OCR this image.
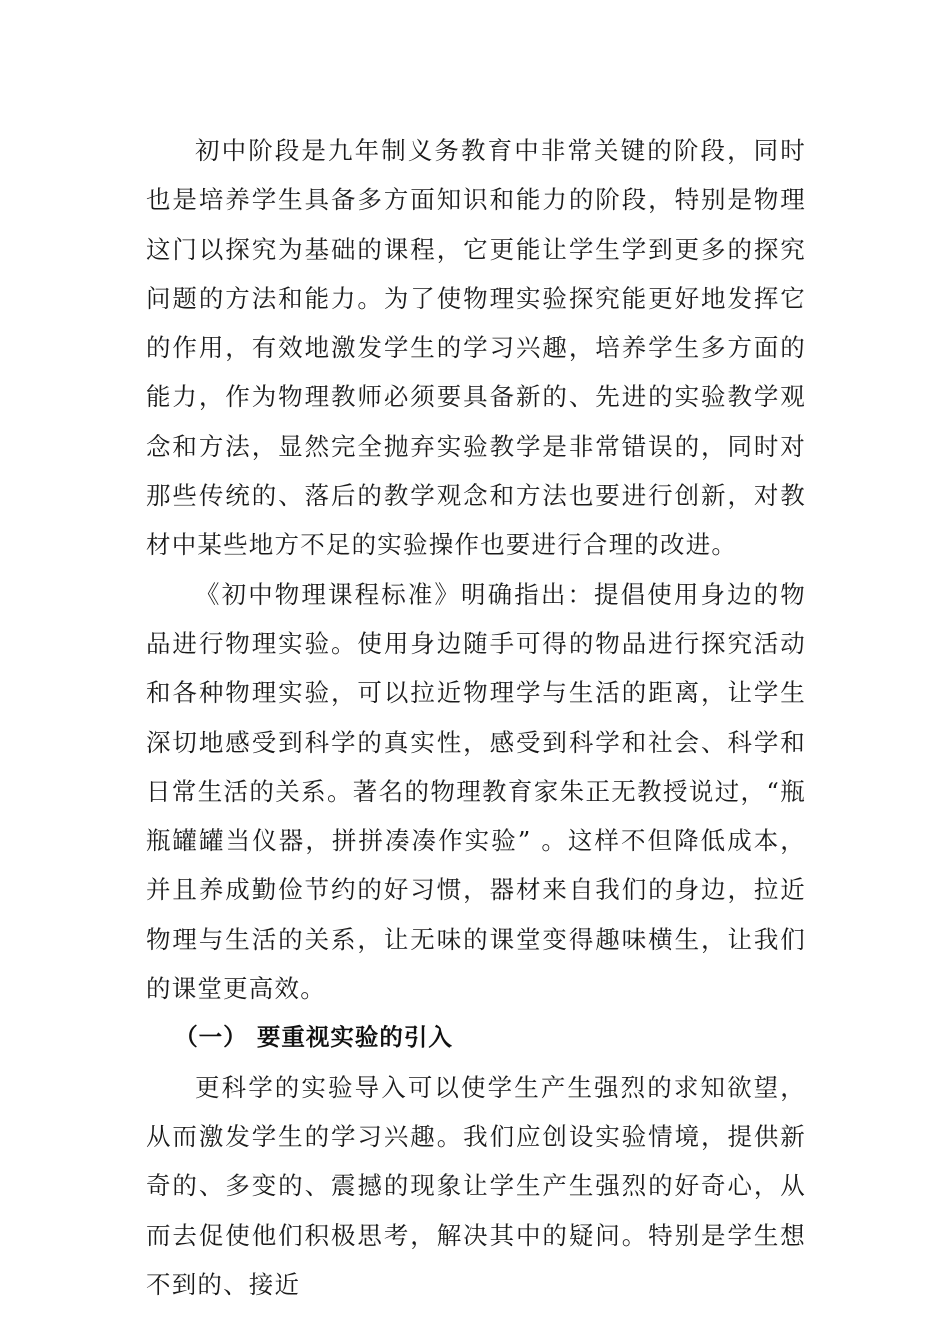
初中阶段是九年制义务教育中非常关键的阶段，同时也是培养学生具备多方面知识和能力的阶段，特别是物理这门以探究为基础的课程，它更能让学生学到更多的探究问题的方法和能力。为了使物理实验探究能更好地发挥它的作用，有效地激发学生的学习兴趣，培养学生多方面的能力，作为物理教师必须要具备新的、先进的实验教学观念和方法，显然完全抛弃实验教学是非常错误的，同时对那些传统的、落后的教学观念和方法也要进行创新，对教材中某些地方不足的实验操作也要进行合理的改进。

《初中物理课程标准》明确指出：提倡使用身边的物品进行物理实验。使用身边随手可得的物品进行探究活动和各种物理实验，可以拉近物理学与生活的距离，让学生深切地感受到科学的真实性，感受到科学和社会、科学和日常生活的关系。著名的物理教育家朱正无教授说过，“瓶瓶罐罐当仪器，拼拼凑凑作实验” 。这样不但降低成本，并且养成勤俭节约的好习惯，器材来自我们的身边，拉近物理与生活的关系，让无味的课堂变得趣味横生，让我们的课堂更高效。

（一） 要重视实验的引入

更科学的实验导入可以使学生产生强烈的求知欲望，从而激发学生的学习兴趣。我们应创设实验情境，提供新奇的、多变的、震撼的现象让学生产生强烈的好奇心，从而去促使他们积极思考，解决其中的疑问。特别是学生想不到的、接近
